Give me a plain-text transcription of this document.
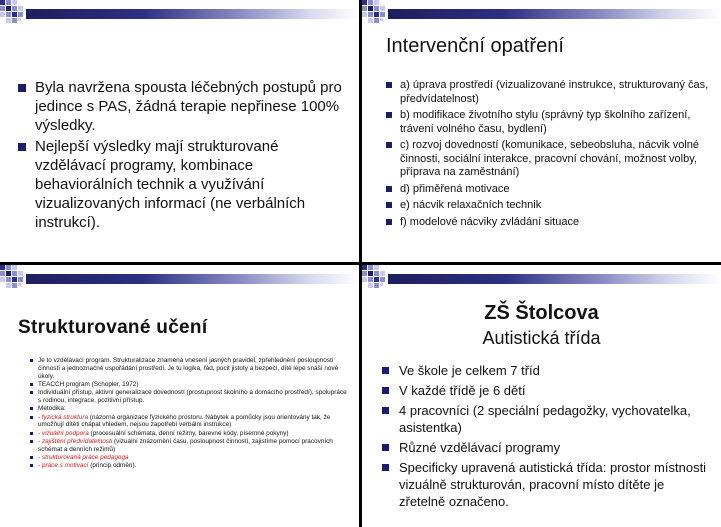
Byla navržena spousta léčebných postupů pro jedince s PAS, žádná terapie nepřinese 100% výsledky.
Nejlepší výsledky mají strukturované vzdělávací programy, kombinace behaviorálních technik a využívání vizualizovaných informací (ne verbálních instrukcí).
Intervenční opatření
a) úprava prostředí (vizualizované instrukce, strukturovaný čas, předvídatelnost)
b) modifikace životního stylu (správný typ školního zařízení, trávení volného času, bydlení)
c) rozvoj dovedností (komunikace, sebeobsluha, nácvik volné činnosti, sociální interakce, pracovní chování, možnost volby, příprava na zaměstnání)
d) přiměřená motivace
e) nácvik relaxačních technik
f) modelové nácviky zvládání situace
Strukturované učení
Je to vzdělávací program. Strukturalizace znamená vnesení jasných pravidel, zpřehlednění posloupnosti činností a jednoznačně uspořádání prostředí. Je tu logika, řád, pocit jistoty a bezpečí, dítě lépe snáší nové úkoly.
TEACCH program (Schopler, 1972)
Individuální přístup, aktivní generalizace dovedností (prostupnost školního a domácího prostředí), spolupráce s rodinou, integrace, pozitivní přístup.
Metodika:
- fyzická struktura (názorná organizace fyzického prostoru. Nábytek a pomůcky jsou orientovány tak, že umožňují dítěti chápat vhledem, nejsou zapotřebí verbální instrukce)
- vizuální podpora (procesuální schémata, denní režimy, barevné kódy, písemné pokyny)
- zajištění předvídatelnosti (vizuální znázornění času, posloupnost činností, zajistíme pomocí pracovních schémat a denních režimů)
- strukturovaná práce pedagoga
- práce s motivací (princip odměn).
ZŠ Štolcova

Autistická třída

Ve škole je celkem 7 tříd
V každé třídě je 6 dětí
4 pracovníci (2 speciální pedagožky, vychovatelka, asistentka)
Různé vzdělávací programy
Specificky upravená autistická třída: prostor místnosti vizuálně strukturován, pracovní místo dítěte je zřetelně označeno.
